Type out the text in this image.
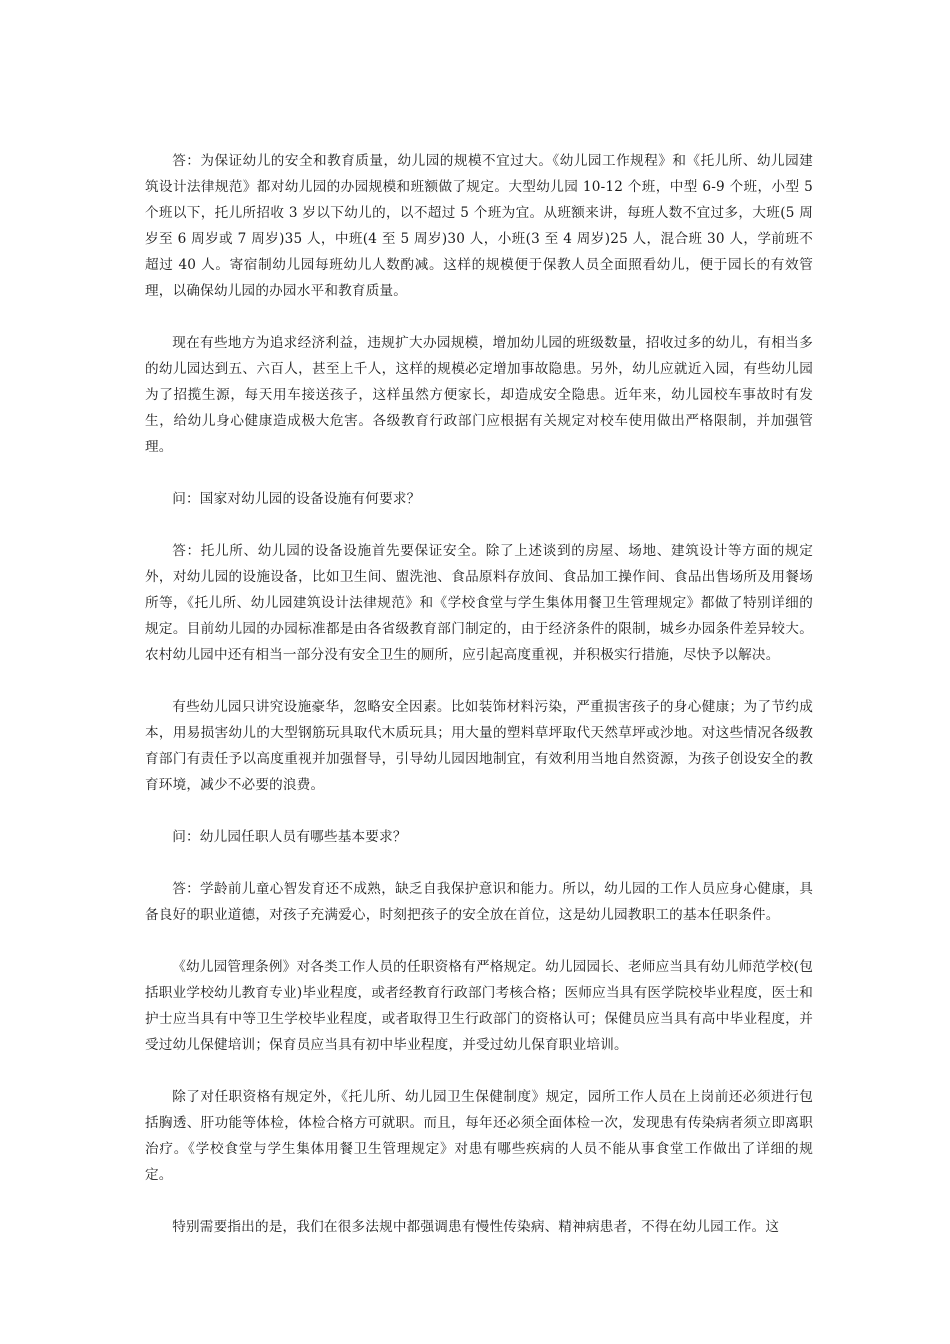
答：为保证幼儿的安全和教育质量，幼儿园的规模不宜过大。《幼儿园工作规程》和《托儿所、幼儿园建筑设计法律规范》都对幼儿园的办园规模和班额做了规定。大型幼儿园 10-12 个班，中型 6-9 个班，小型 5 个班以下，托儿所招收 3 岁以下幼儿的，以不超过 5 个班为宜。从班额来讲，每班人数不宜过多，大班(5 周岁至 6 周岁或 7 周岁)35 人，中班(4 至 5 周岁)30 人，小班(3 至 4 周岁)25 人，混合班 30 人，学前班不超过 40 人。寄宿制幼儿园每班幼儿人数酌减。这样的规模便于保教人员全面照看幼儿，便于园长的有效管理，以确保幼儿园的办园水平和教育质量。

现在有些地方为追求经济利益，违规扩大办园规模，增加幼儿园的班级数量，招收过多的幼儿，有相当多的幼儿园达到五、六百人，甚至上千人，这样的规模必定增加事故隐患。另外，幼儿应就近入园，有些幼儿园为了招揽生源，每天用车接送孩子，这样虽然方便家长，却造成安全隐患。近年来，幼儿园校车事故时有发生，给幼儿身心健康造成极大危害。各级教育行政部门应根据有关规定对校车使用做出严格限制，并加强管理。

问：国家对幼儿园的设备设施有何要求？

答：托儿所、幼儿园的设备设施首先要保证安全。除了上述谈到的房屋、场地、建筑设计等方面的规定外，对幼儿园的设施设备，比如卫生间、盥洗池、食品原料存放间、食品加工操作间、食品出售场所及用餐场所等，《托儿所、幼儿园建筑设计法律规范》和《学校食堂与学生集体用餐卫生管理规定》都做了特别详细的规定。目前幼儿园的办园标准都是由各省级教育部门制定的，由于经济条件的限制，城乡办园条件差异较大。农村幼儿园中还有相当一部分没有安全卫生的厕所，应引起高度重视，并积极实行措施，尽快予以解决。

有些幼儿园只讲究设施豪华，忽略安全因素。比如装饰材料污染，严重损害孩子的身心健康；为了节约成本，用易损害幼儿的大型钢筋玩具取代木质玩具；用大量的塑料草坪取代天然草坪或沙地。对这些情况各级教育部门有责任予以高度重视并加强督导，引导幼儿园因地制宜，有效利用当地自然资源，为孩子创设安全的教育环境，减少不必要的浪费。

问：幼儿园任职人员有哪些基本要求？

答：学龄前儿童心智发育还不成熟，缺乏自我保护意识和能力。所以，幼儿园的工作人员应身心健康，具备良好的职业道德，对孩子充满爱心，时刻把孩子的安全放在首位，这是幼儿园教职工的基本任职条件。

《幼儿园管理条例》对各类工作人员的任职资格有严格规定。幼儿园园长、老师应当具有幼儿师范学校(包括职业学校幼儿教育专业)毕业程度，或者经教育行政部门考核合格；医师应当具有医学院校毕业程度，医士和护士应当具有中等卫生学校毕业程度，或者取得卫生行政部门的资格认可；保健员应当具有高中毕业程度，并受过幼儿保健培训；保育员应当具有初中毕业程度，并受过幼儿保育职业培训。

除了对任职资格有规定外，《托儿所、幼儿园卫生保健制度》规定，园所工作人员在上岗前还必须进行包括胸透、肝功能等体检，体检合格方可就职。而且，每年还必须全面体检一次，发现患有传染病者须立即离职治疗。《学校食堂与学生集体用餐卫生管理规定》对患有哪些疾病的人员不能从事食堂工作做出了详细的规定。

特别需要指出的是，我们在很多法规中都强调患有慢性传染病、精神病患者，不得在幼儿园工作。这
